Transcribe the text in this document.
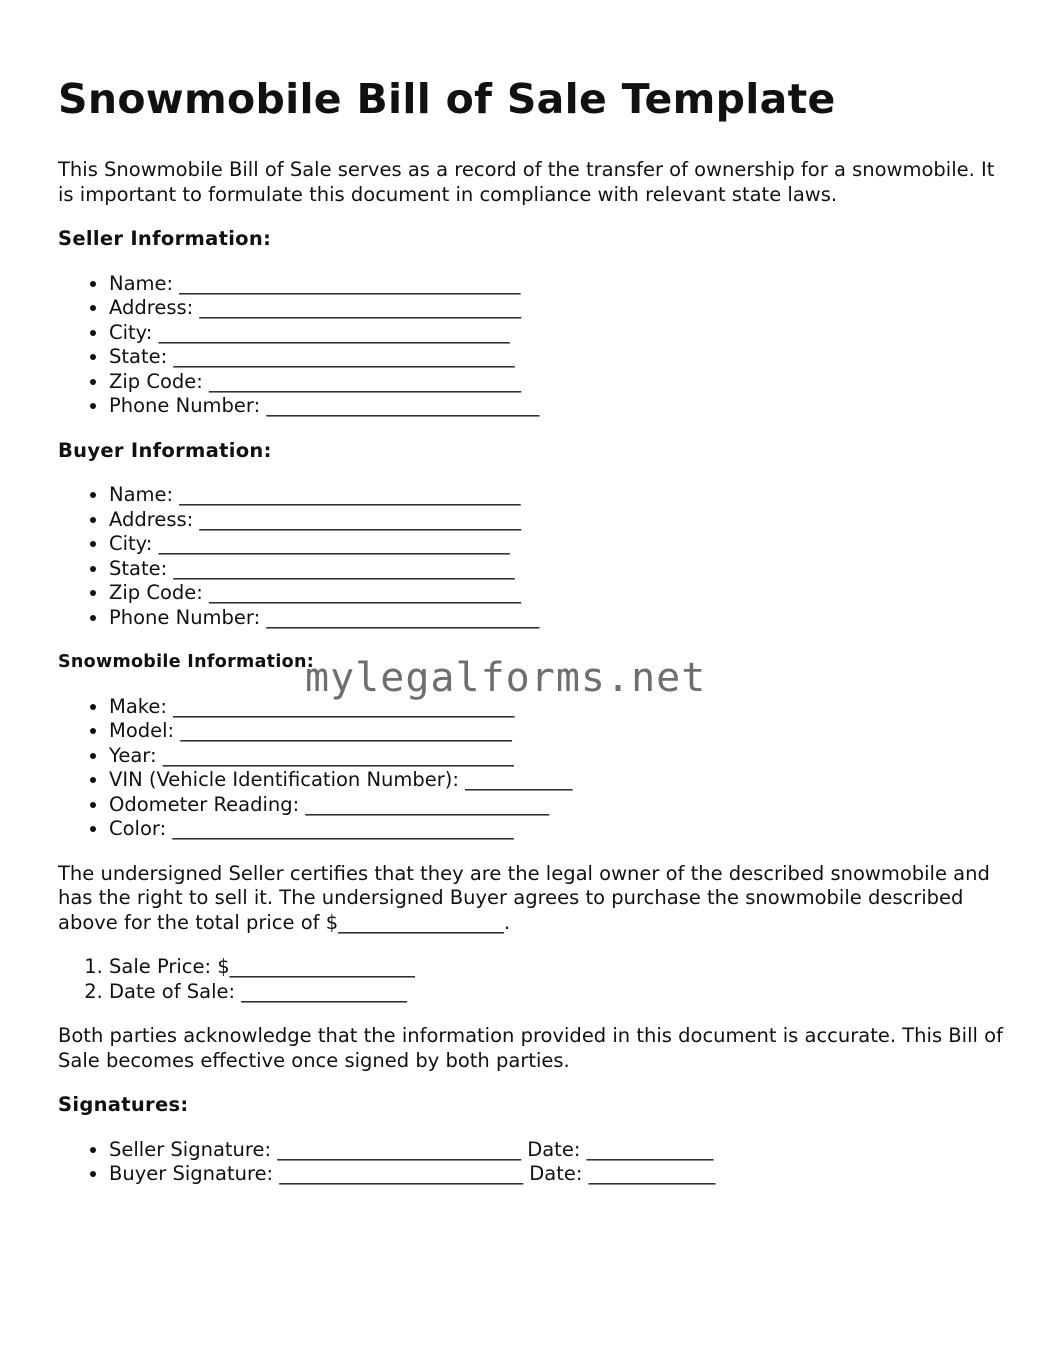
Snowmobile Bill of Sale Template

This Snowmobile Bill of Sale serves as a record of the transfer of ownership for a snowmobile. It is important to formulate this document in compliance with relevant state laws.

Seller Information:
• Name: ___________________________________
• Address: _________________________________
• City: ____________________________________
• State: ___________________________________
• Zip Code: ________________________________
• Phone Number: ____________________________
Buyer Information:
• Name: ___________________________________
• Address: _________________________________
• City: ____________________________________
• State: ___________________________________
• Zip Code: ________________________________
• Phone Number: ____________________________
Snowmobile Information:
• Make: ___________________________________
• Model: __________________________________
• Year: ____________________________________
• VIN (Vehicle Identification Number): ___________
• Odometer Reading: _________________________
• Color: ___________________________________

The undersigned Seller certifies that they are the legal owner of the described snowmobile and has the right to sell it. The undersigned Buyer agrees to purchase the snowmobile described above for the total price of $_________________.

1. Sale Price: $___________________
2. Date of Sale: _________________

Both parties acknowledge that the information provided in this document is accurate. This Bill of Sale becomes effective once signed by both parties.

Signatures:
• Seller Signature: _________________________ Date: _____________
• Buyer Signature: _________________________ Date: _____________
mylegalforms.net
